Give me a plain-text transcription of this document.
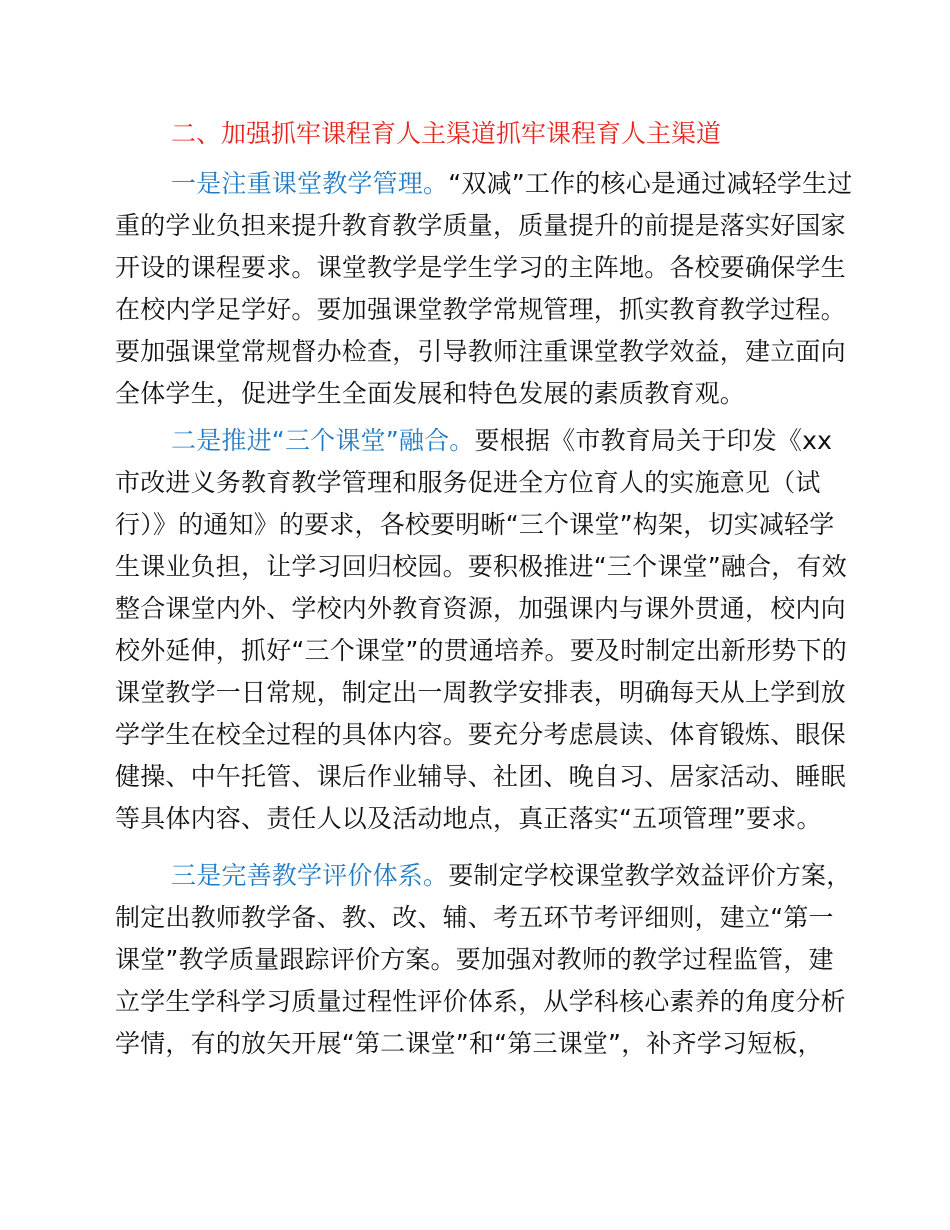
二、加强抓牢课程育人主渠道抓牢课程育人主渠道
一是注重课堂教学管理。“双减”工作的核心是通过减轻学生过
重的学业负担来提升教育教学质量，质量提升的前提是落实好国家
开设的课程要求。课堂教学是学生学习的主阵地。各校要确保学生
在校内学足学好。要加强课堂教学常规管理，抓实教育教学过程。
要加强课堂常规督办检查，引导教师注重课堂教学效益，建立面向
全体学生，促进学生全面发展和特色发展的素质教育观。
二是推进“三个课堂”融合。要根据《市教育局关于印发《xx
市改进义务教育教学管理和服务促进全方位育人的实施意见（试
行）》的通知》的要求，各校要明晰“三个课堂”构架，切实减轻学
生课业负担，让学习回归校园。要积极推进“三个课堂”融合，有效
整合课堂内外、学校内外教育资源，加强课内与课外贯通，校内向
校外延伸，抓好“三个课堂”的贯通培养。要及时制定出新形势下的
课堂教学一日常规，制定出一周教学安排表，明确每天从上学到放
学学生在校全过程的具体内容。要充分考虑晨读、体育锻炼、眼保
健操、中午托管、课后作业辅导、社团、晚自习、居家活动、睡眠
等具体内容、责任人以及活动地点，真正落实“五项管理”要求。
三是完善教学评价体系。要制定学校课堂教学效益评价方案，
制定出教师教学备、教、改、辅、考五环节考评细则，建立“第一
课堂”教学质量跟踪评价方案。要加强对教师的教学过程监管，建
立学生学科学习质量过程性评价体系，从学科核心素养的角度分析
学情，有的放矢开展“第二课堂”和“第三课堂”，补齐学习短板，
